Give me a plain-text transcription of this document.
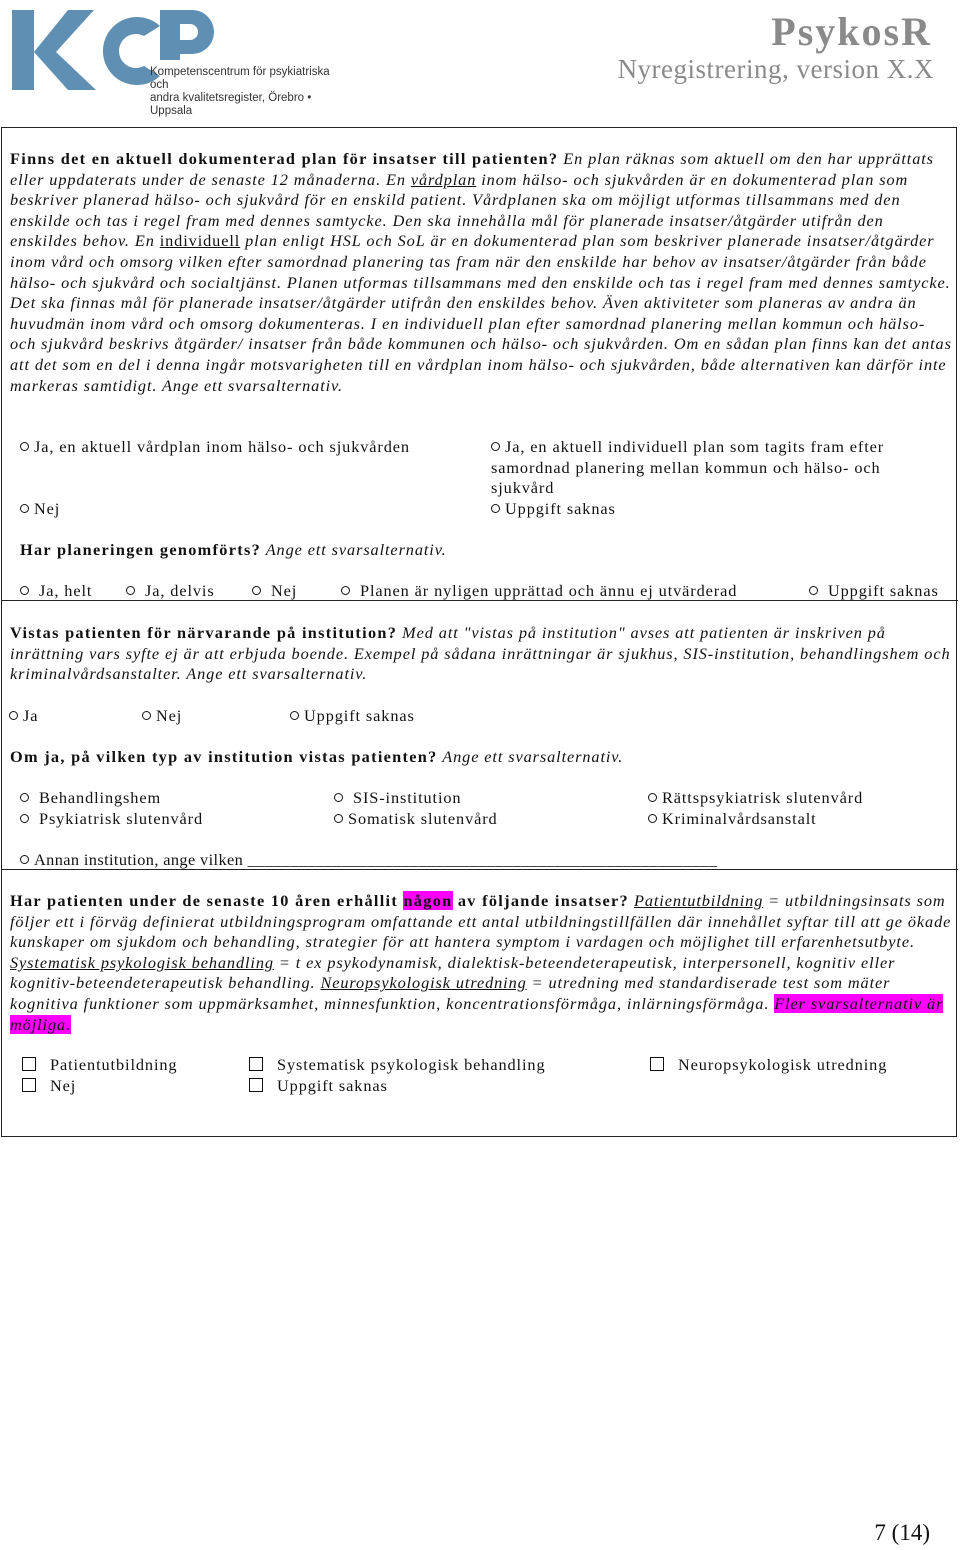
Kompetenscentrum för psykiatriska och
andra kvalitetsregister, Örebro • Uppsala
PsykosR
Nyregistrering, version X.X
Finns det en aktuell dokumenterad plan för insatser till patienten? En plan räknas som aktuell om den har upprättats eller uppdaterats under de senaste 12 månaderna. En vårdplan inom hälso- och sjukvården är en dokumenterad plan som beskriver planerad hälso- och sjukvård för en enskild patient. Vårdplanen ska om möjligt utformas tillsammans med den enskilde och tas i regel fram med dennes samtycke. Den ska innehålla mål för planerade insatser/åtgärder utifrån den enskildes behov. En individuell plan enligt HSL och SoL är en dokumenterad plan som beskriver planerade insatser/åtgärder inom vård och omsorg vilken efter samordnad planering tas fram när den enskilde har behov av insatser/åtgärder från både hälso- och sjukvård och socialtjänst. Planen utformas tillsammans med den enskilde och tas i regel fram med dennes samtycke. Det ska finnas mål för planerade insatser/åtgärder utifrån den enskildes behov. Även aktiviteter som planeras av andra än huvudmän inom vård och omsorg dokumenteras. I en individuell plan efter samordnad planering mellan kommun och hälso- och sjukvård beskrivs åtgärder/ insatser från både kommunen och hälso- och sjukvården. Om en sådan plan finns kan det antas att det som en del i denna ingår motsvarigheten till en vårdplan inom hälso- och sjukvården, både alternativen kan därför inte markeras samtidigt. Ange ett svarsalternativ.
Ja, en aktuell vårdplan inom hälso- och sjukvården	Ja, en aktuell individuell plan som tagits fram efter samordnad planering mellan kommun och hälso- och sjukvård
Nej	Uppgift saknas
Har planeringen genomförts? Ange ett svarsalternativ.
Ja, helt	Ja, delvis	Nej	Planen är nyligen upprättad och ännu ej utvärderad	Uppgift saknas
Vistas patienten för närvarande på institution? Med att "vistas på institution" avses att patienten är inskriven på inrättning vars syfte ej är att erbjuda boende. Exempel på sådana inrättningar är sjukhus, SIS-institution, behandlingshem och kriminalvårdsanstalter. Ange ett svarsalternativ.
Ja	Nej	Uppgift saknas
Om ja, på vilken typ av institution vistas patienten? Ange ett svarsalternativ.
Behandlingshem	SIS-institution	Rättspsykiatrisk slutenvård
Psykiatrisk slutenvård	Somatisk slutenvård	Kriminalvårdsanstalt
Annan institution, ange vilken _______________________________________________________
Har patienten under de senaste 10 åren erhållit någon av följande insatser? Patientutbildning = utbildningsinsats som följer ett i förväg definierat utbildningsprogram omfattande ett antal utbildningstillfällen där innehållet syftar till att ge ökade kunskaper om sjukdom och behandling, strategier för att hantera symptom i vardagen och möjlighet till erfarenhetsutbyte. Systematisk psykologisk behandling = t ex psykodynamisk, dialektisk-beteendeterapeutisk, interpersonell, kognitiv eller kognitiv-beteendeterapeutisk behandling. Neuropsykologisk utredning = utredning med standardiserade test som mäter kognitiva funktioner som uppmärksamhet, minnesfunktion, koncentrationsförmåga, inlärningsförmåga. Fler svarsalternativ är möjliga.
Patientutbildning	Systematisk psykologisk behandling	Neuropsykologisk utredning
Nej	Uppgift saknas
7 (14)
